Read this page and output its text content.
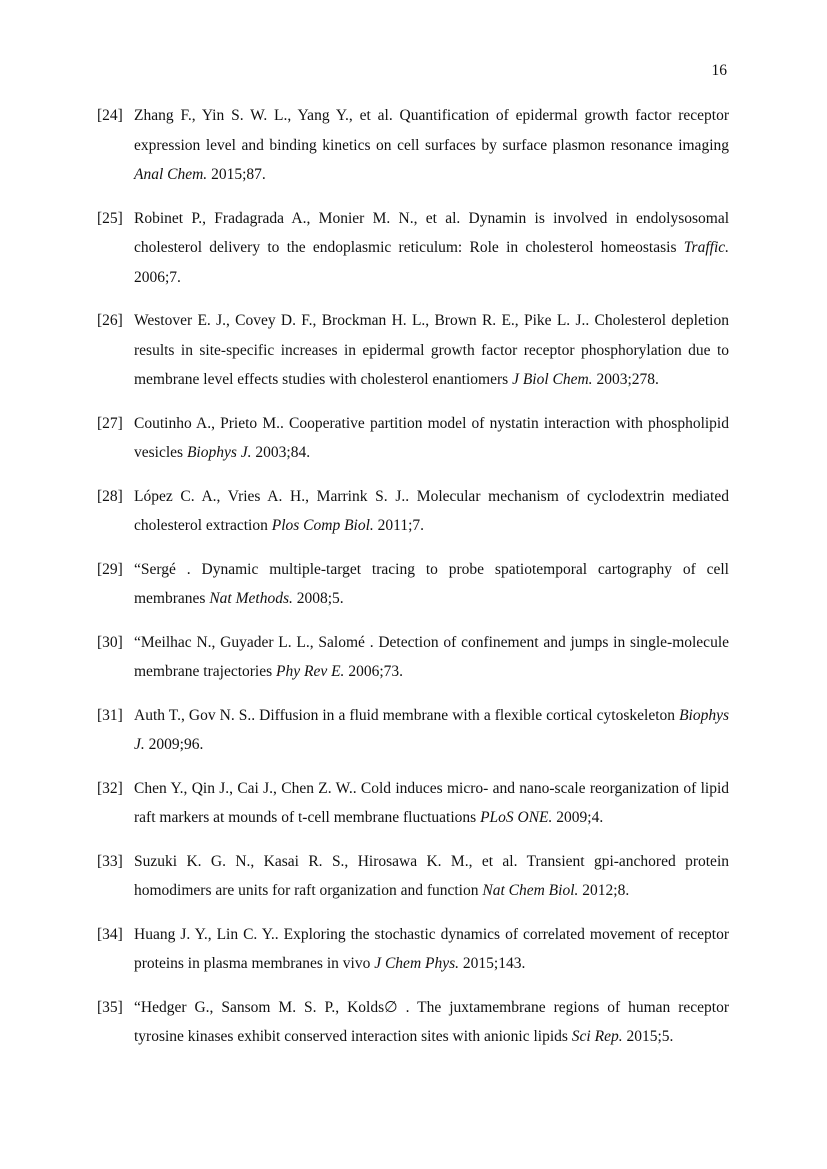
16
[24] Zhang F., Yin S. W. L., Yang Y., et al. Quantification of epidermal growth factor receptor expression level and binding kinetics on cell surfaces by surface plasmon resonance imaging Anal Chem. 2015;87.
[25] Robinet P., Fradagrada A., Monier M. N., et al. Dynamin is involved in endolysosomal cholesterol delivery to the endoplasmic reticulum: Role in cholesterol homeostasis Traffic. 2006;7.
[26] Westover E. J., Covey D. F., Brockman H. L., Brown R. E., Pike L. J.. Cholesterol depletion results in site-specific increases in epidermal growth factor receptor phosphorylation due to membrane level effects studies with cholesterol enantiomers J Biol Chem. 2003;278.
[27] Coutinho A., Prieto M.. Cooperative partition model of nystatin interaction with phospholipid vesicles Biophys J. 2003;84.
[28] López C. A., Vries A. H., Marrink S. J.. Molecular mechanism of cyclodextrin mediated cholesterol extraction Plos Comp Biol. 2011;7.
[29] “Sergé . Dynamic multiple-target tracing to probe spatiotemporal cartography of cell membranes Nat Methods. 2008;5.
[30] “Meilhac N., Guyader L. L., Salomé . Detection of confinement and jumps in single-molecule membrane trajectories Phy Rev E. 2006;73.
[31] Auth T., Gov N. S.. Diffusion in a fluid membrane with a flexible cortical cytoskeleton Biophys J. 2009;96.
[32] Chen Y., Qin J., Cai J., Chen Z. W.. Cold induces micro- and nano-scale reorganization of lipid raft markers at mounds of t-cell membrane fluctuations PLoS ONE. 2009;4.
[33] Suzuki K. G. N., Kasai R. S., Hirosawa K. M., et al. Transient gpi-anchored protein homodimers are units for raft organization and function Nat Chem Biol. 2012;8.
[34] Huang J. Y., Lin C. Y.. Exploring the stochastic dynamics of correlated movement of receptor proteins in plasma membranes in vivo J Chem Phys. 2015;143.
[35] “Hedger G., Sansom M. S. P., Kolds∅ . The juxtamembrane regions of human receptor tyrosine kinases exhibit conserved interaction sites with anionic lipids Sci Rep. 2015;5.
